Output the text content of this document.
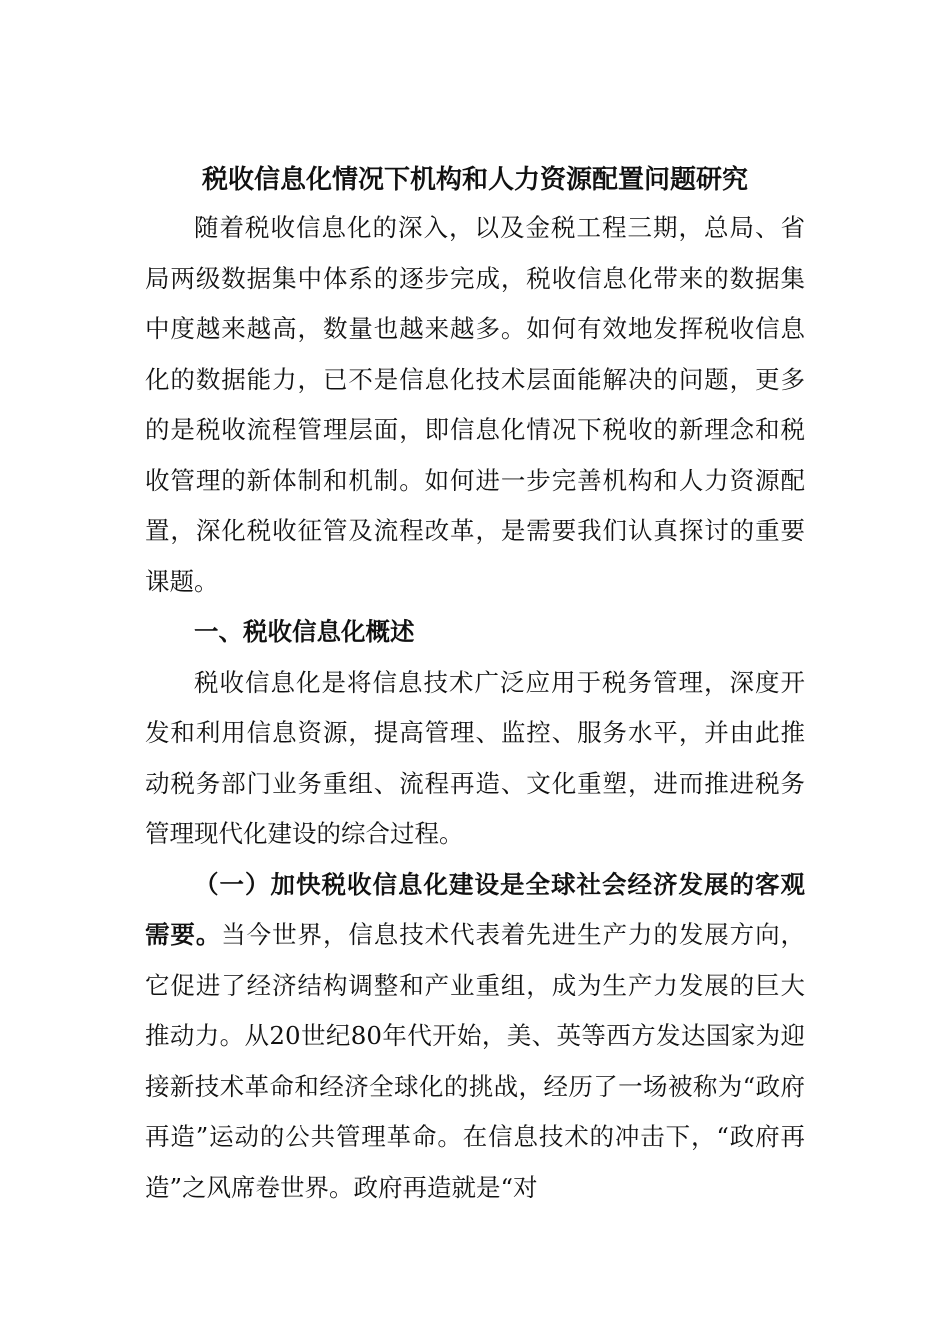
税收信息化情况下机构和人力资源配置问题研究

随着税收信息化的深入，以及金税工程三期，总局、省局两级数据集中体系的逐步完成，税收信息化带来的数据集中度越来越高，数量也越来越多。如何有效地发挥税收信息化的数据能力，已不是信息化技术层面能解决的问题，更多的是税收流程管理层面，即信息化情况下税收的新理念和税收管理的新体制和机制。如何进一步完善机构和人力资源配置，深化税收征管及流程改革，是需要我们认真探讨的重要课题。

一、税收信息化概述

税收信息化是将信息技术广泛应用于税务管理，深度开发和利用信息资源，提高管理、监控、服务水平，并由此推动税务部门业务重组、流程再造、文化重塑，进而推进税务管理现代化建设的综合过程。

（一）加快税收信息化建设是全球社会经济发展的客观需要。当今世界，信息技术代表着先进生产力的发展方向，它促进了经济结构调整和产业重组，成为生产力发展的巨大推动力。从20世纪80年代开始，美、英等西方发达国家为迎接新技术革命和经济全球化的挑战，经历了一场被称为“政府再造”运动的公共管理革命。在信息技术的冲击下，“政府再造”之风席卷世界。政府再造就是“对
